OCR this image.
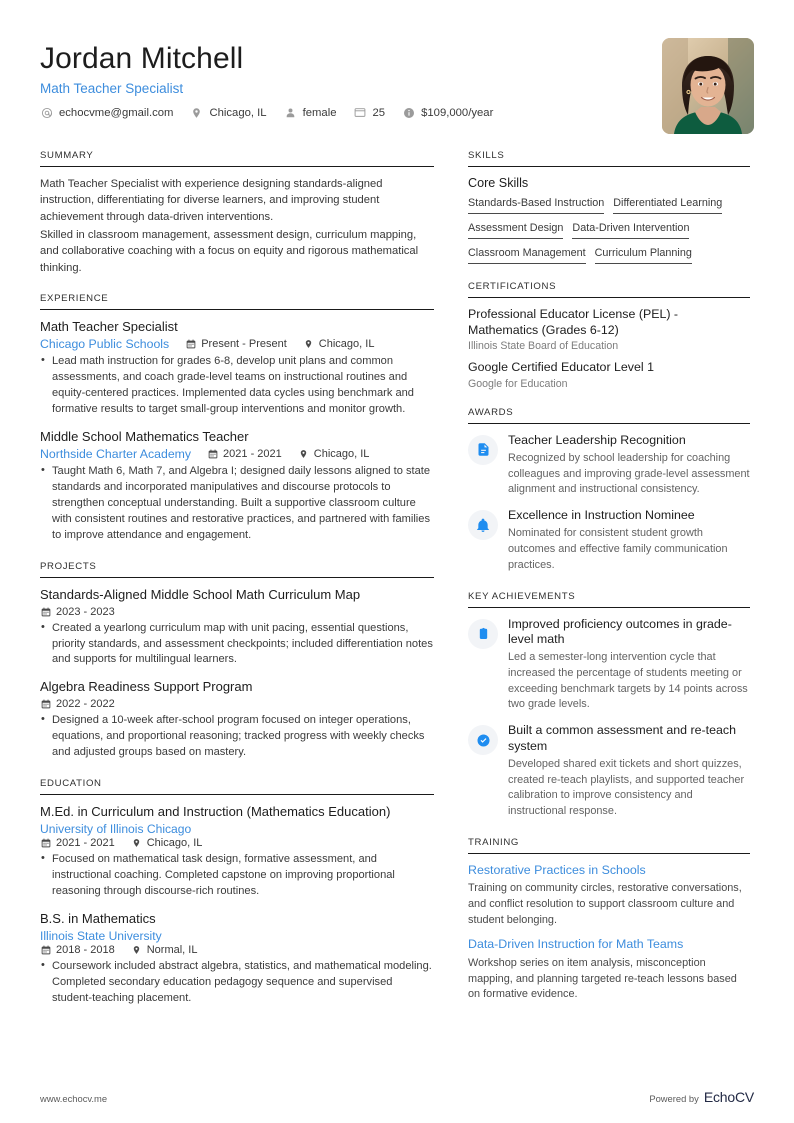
Jordan Mitchell
Math Teacher Specialist
echocvme@gmail.com	Chicago, IL	female	25	$109,000/year
SUMMARY

Math Teacher Specialist with experience designing standards-aligned instruction, differentiating for diverse learners, and improving student achievement through data-driven interventions.

Skilled in classroom management, assessment design, curriculum mapping, and collaborative coaching with a focus on equity and rigorous mathematical thinking.

EXPERIENCE
Math Teacher Specialist
Chicago Public Schools	Present - Present	Chicago, IL
• Lead math instruction for grades 6-8, develop unit plans and common assessments, and coach grade-level teams on instructional routines and equity-centered practices. Implemented data cycles using benchmark and formative results to target small-group interventions and monitor growth.
Middle School Mathematics Teacher
Northside Charter Academy	2021 - 2021	Chicago, IL
• Taught Math 6, Math 7, and Algebra I; designed daily lessons aligned to state standards and incorporated manipulatives and discourse protocols to strengthen conceptual understanding. Built a supportive classroom culture with consistent routines and restorative practices, and partnered with families to improve attendance and engagement.
PROJECTS
Standards-Aligned Middle School Math Curriculum Map
2023 - 2023
• Created a yearlong curriculum map with unit pacing, essential questions, priority standards, and assessment checkpoints; included differentiation notes and supports for multilingual learners.
Algebra Readiness Support Program
2022 - 2022
• Designed a 10-week after-school program focused on integer operations, equations, and proportional reasoning; tracked progress with weekly checks and adjusted groups based on mastery.
EDUCATION
M.Ed. in Curriculum and Instruction (Mathematics Education)
University of Illinois Chicago
2021 - 2021	Chicago, IL
• Focused on mathematical task design, formative assessment, and instructional coaching. Completed capstone on improving proportional reasoning through discourse-rich routines.
B.S. in Mathematics
Illinois State University
2018 - 2018	Normal, IL
• Coursework included abstract algebra, statistics, and mathematical modeling. Completed secondary education pedagogy sequence and supervised student-teaching placement.
SKILLS
Core Skills
Standards-Based Instruction Differentiated Learning
Assessment Design Data-Driven Intervention
Classroom Management Curriculum Planning
CERTIFICATIONS
Professional Educator License (PEL) - Mathematics (Grades 6-12)
Illinois State Board of Education
Google Certified Educator Level 1
Google for Education
AWARDS
Teacher Leadership Recognition
Recognized by school leadership for coaching colleagues and improving grade-level assessment alignment and instructional consistency.
Excellence in Instruction Nominee
Nominated for consistent student growth outcomes and effective family communication practices.
KEY ACHIEVEMENTS
Improved proficiency outcomes in grade-level math
Led a semester-long intervention cycle that increased the percentage of students meeting or exceeding benchmark targets by 14 points across two grade levels.
Built a common assessment and re-teach system
Developed shared exit tickets and short quizzes, created re-teach playlists, and supported teacher calibration to improve consistency and instructional response.
TRAINING
Restorative Practices in Schools
Training on community circles, restorative conversations, and conflict resolution to support classroom culture and student belonging.
Data-Driven Instruction for Math Teams
Workshop series on item analysis, misconception mapping, and planning targeted re-teach lessons based on formative evidence.
www.echocv.me	Powered by EchoCV
